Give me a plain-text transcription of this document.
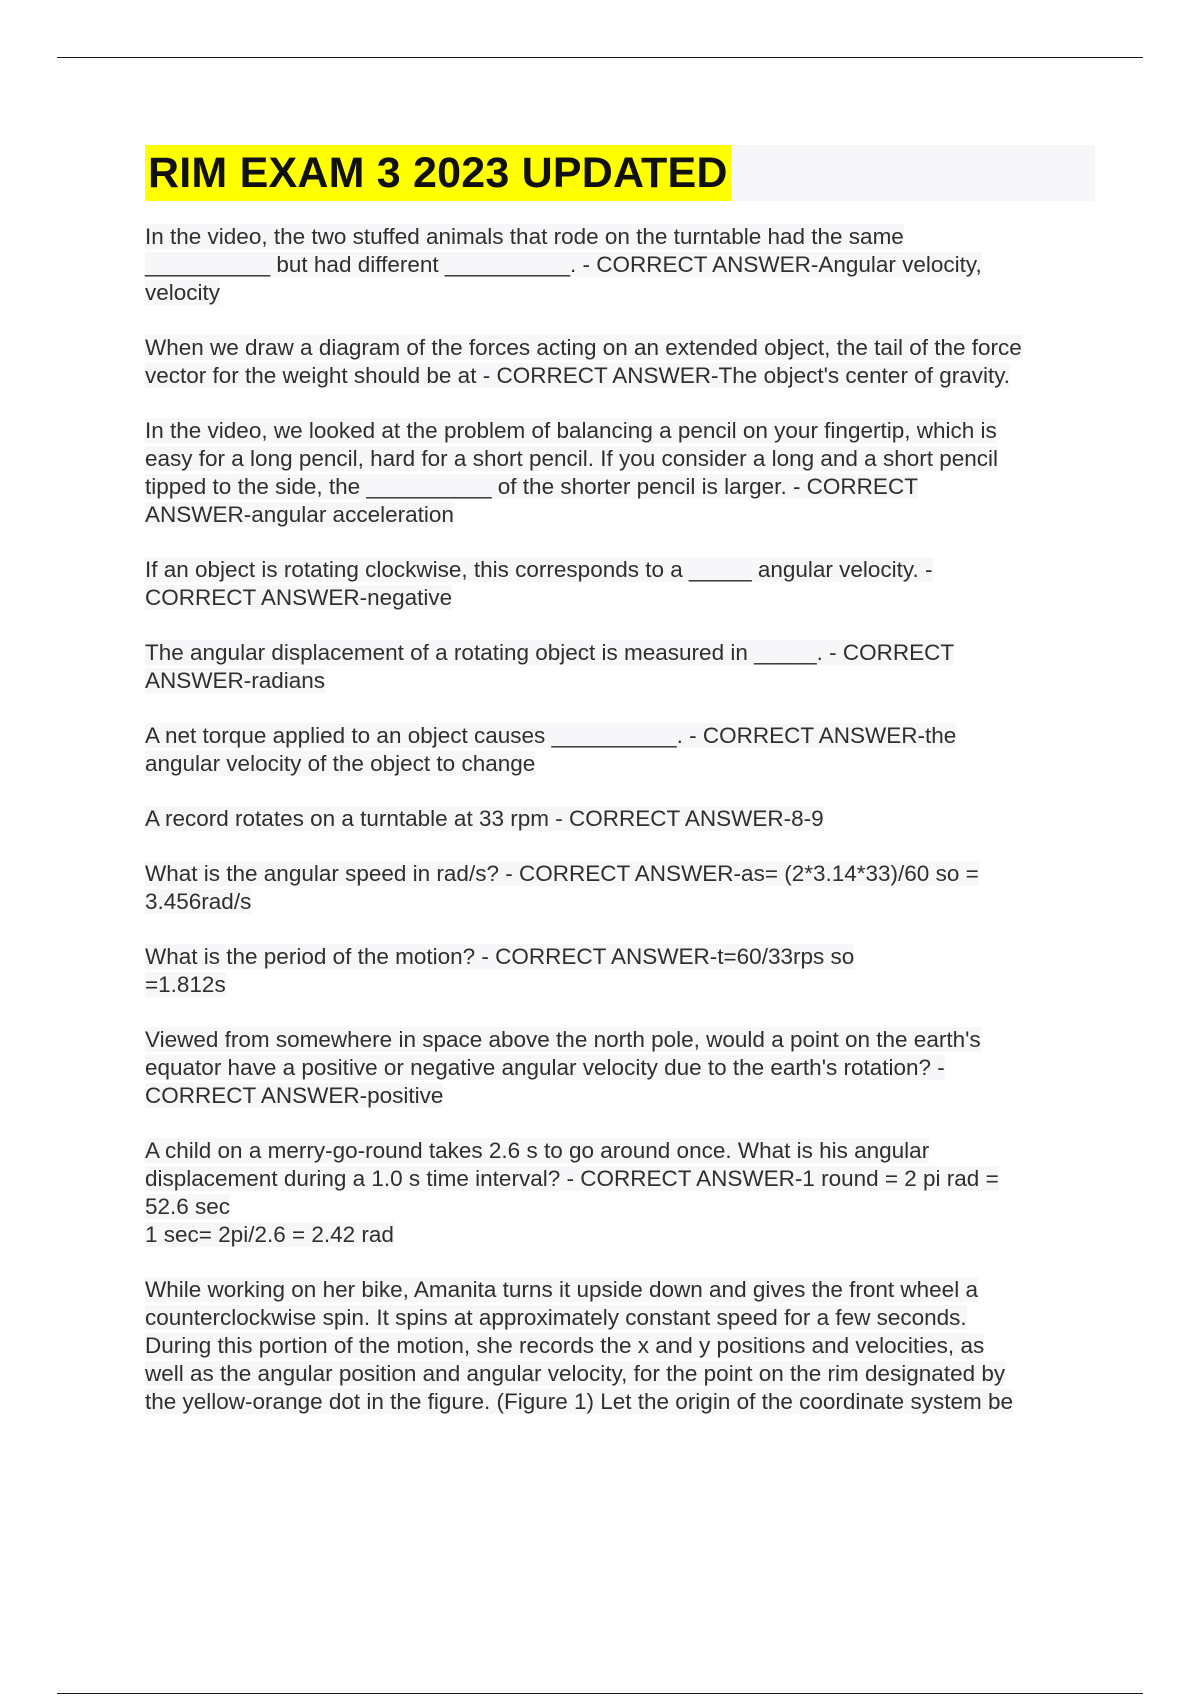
RIM EXAM 3 2023 UPDATED

In the video, the two stuffed animals that rode on the turntable had the same
__________ but had different __________. - CORRECT ANSWER-Angular velocity,
velocity

When we draw a diagram of the forces acting on an extended object, the tail of the force
vector for the weight should be at - CORRECT ANSWER-The object's center of gravity.

In the video, we looked at the problem of balancing a pencil on your fingertip, which is
easy for a long pencil, hard for a short pencil. If you consider a long and a short pencil
tipped to the side, the __________ of the shorter pencil is larger. - CORRECT
ANSWER-angular acceleration

If an object is rotating clockwise, this corresponds to a _____ angular velocity. -
CORRECT ANSWER-negative

The angular displacement of a rotating object is measured in _____. - CORRECT
ANSWER-radians

A net torque applied to an object causes __________. - CORRECT ANSWER-the
angular velocity of the object to change

A record rotates on a turntable at 33 rpm - CORRECT ANSWER-8-9

What is the angular speed in rad/s? - CORRECT ANSWER-as= (2*3.14*33)/60 so =
3.456rad/s

What is the period of the motion? - CORRECT ANSWER-t=60/33rps so
=1.812s

Viewed from somewhere in space above the north pole, would a point on the earth's
equator have a positive or negative angular velocity due to the earth's rotation? -
CORRECT ANSWER-positive

A child on a merry-go-round takes 2.6 s to go around once. What is his angular
displacement during a 1.0 s time interval? - CORRECT ANSWER-1 round = 2 pi rad =
52.6 sec
1 sec= 2pi/2.6 = 2.42 rad

While working on her bike, Amanita turns it upside down and gives the front wheel a
counterclockwise spin. It spins at approximately constant speed for a few seconds.
During this portion of the motion, she records the x and y positions and velocities, as
well as the angular position and angular velocity, for the point on the rim designated by
the yellow-orange dot in the figure. (Figure 1) Let the origin of the coordinate system be
